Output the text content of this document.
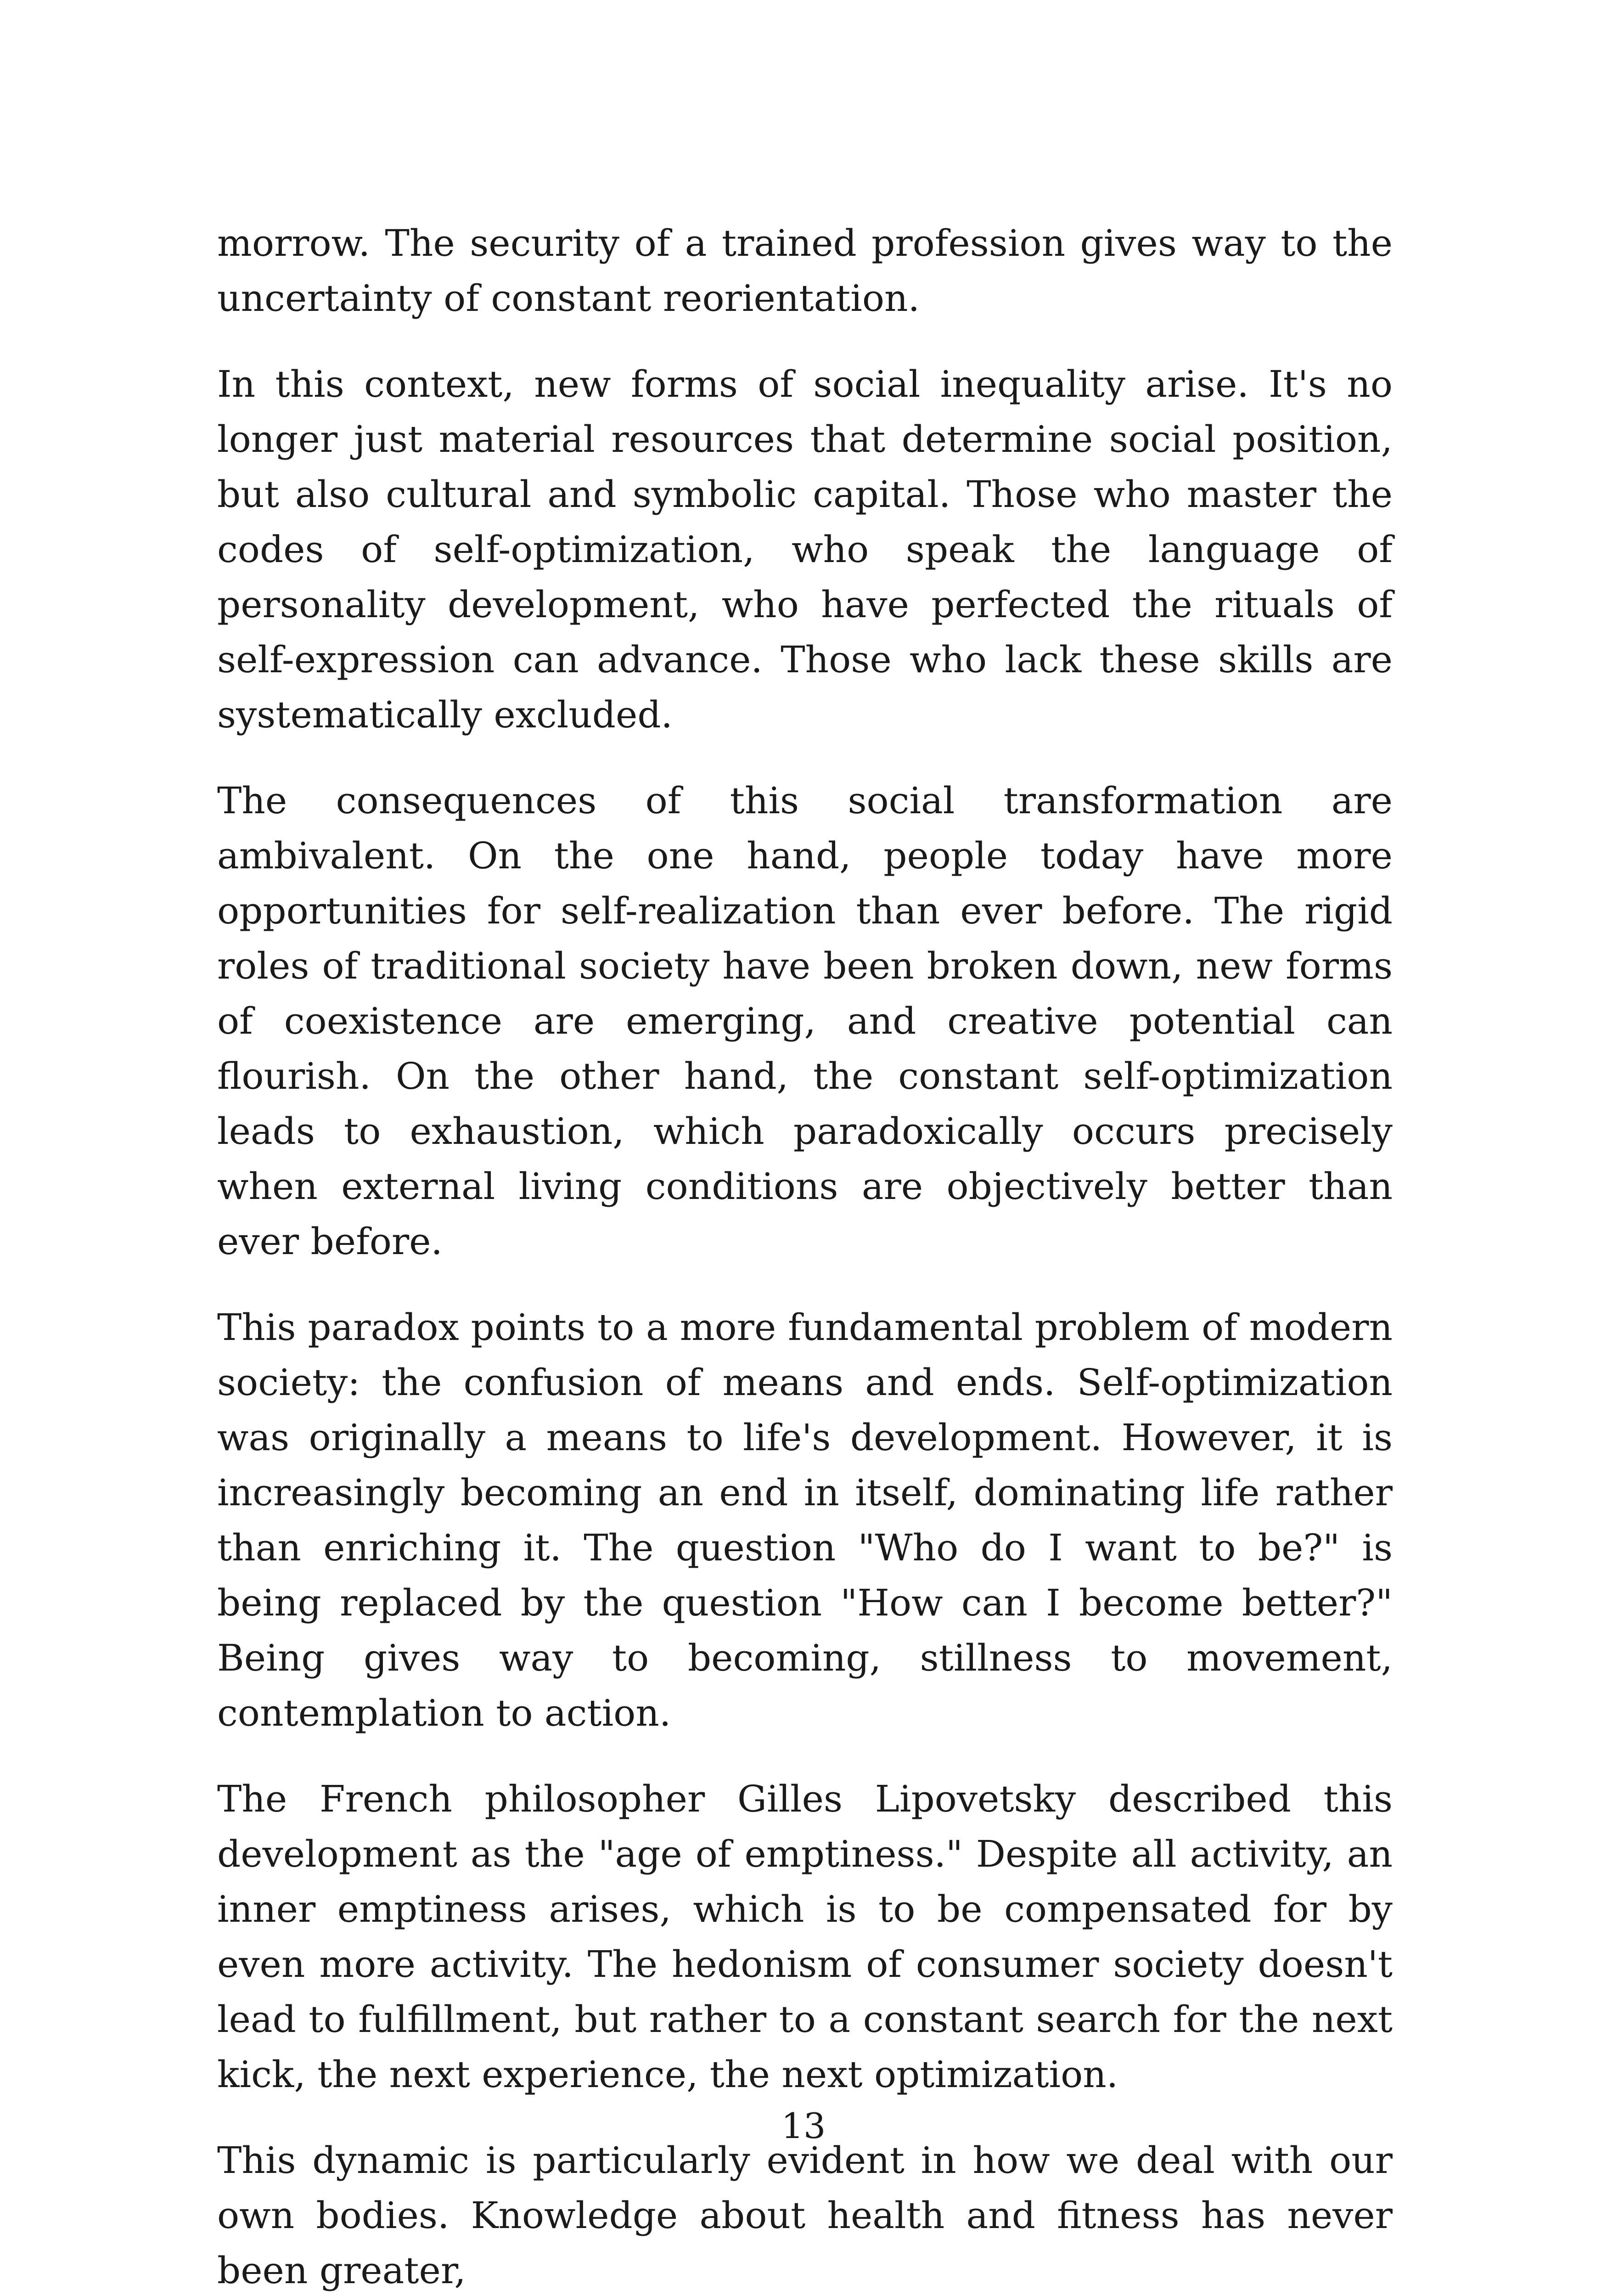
morrow. The security of a trained profession gives way to the uncertainty of constant reorientation.

In this context, new forms of social inequality arise. It's no longer just material resources that determine social position, but also cultural and symbolic capital. Those who master the codes of self-optimization, who speak the language of personality development, who have perfected the rituals of self-expression can advance. Those who lack these skills are systematically excluded.

The consequences of this social transformation are ambivalent. On the one hand, people today have more opportunities for self-realization than ever before. The rigid roles of traditional society have been broken down, new forms of coexistence are emerging, and creative potential can flourish. On the other hand, the constant self-optimization leads to exhaustion, which paradoxically occurs precisely when external living conditions are objectively better than ever before.

This paradox points to a more fundamental problem of modern society: the confusion of means and ends. Self-optimization was originally a means to life's development. However, it is increasingly becoming an end in itself, dominating life rather than enriching it. The question "Who do I want to be?" is being replaced by the question "How can I become better?" Being gives way to becoming, stillness to movement, contemplation to action.

The French philosopher Gilles Lipovetsky described this development as the "age of emptiness." Despite all activity, an inner emptiness arises, which is to be compensated for by even more activity. The hedonism of consumer society doesn't lead to fulfillment, but rather to a constant search for the next kick, the next experience, the next optimization.

This dynamic is particularly evident in how we deal with our own bodies. Knowledge about health and fitness has never been greater,

13
